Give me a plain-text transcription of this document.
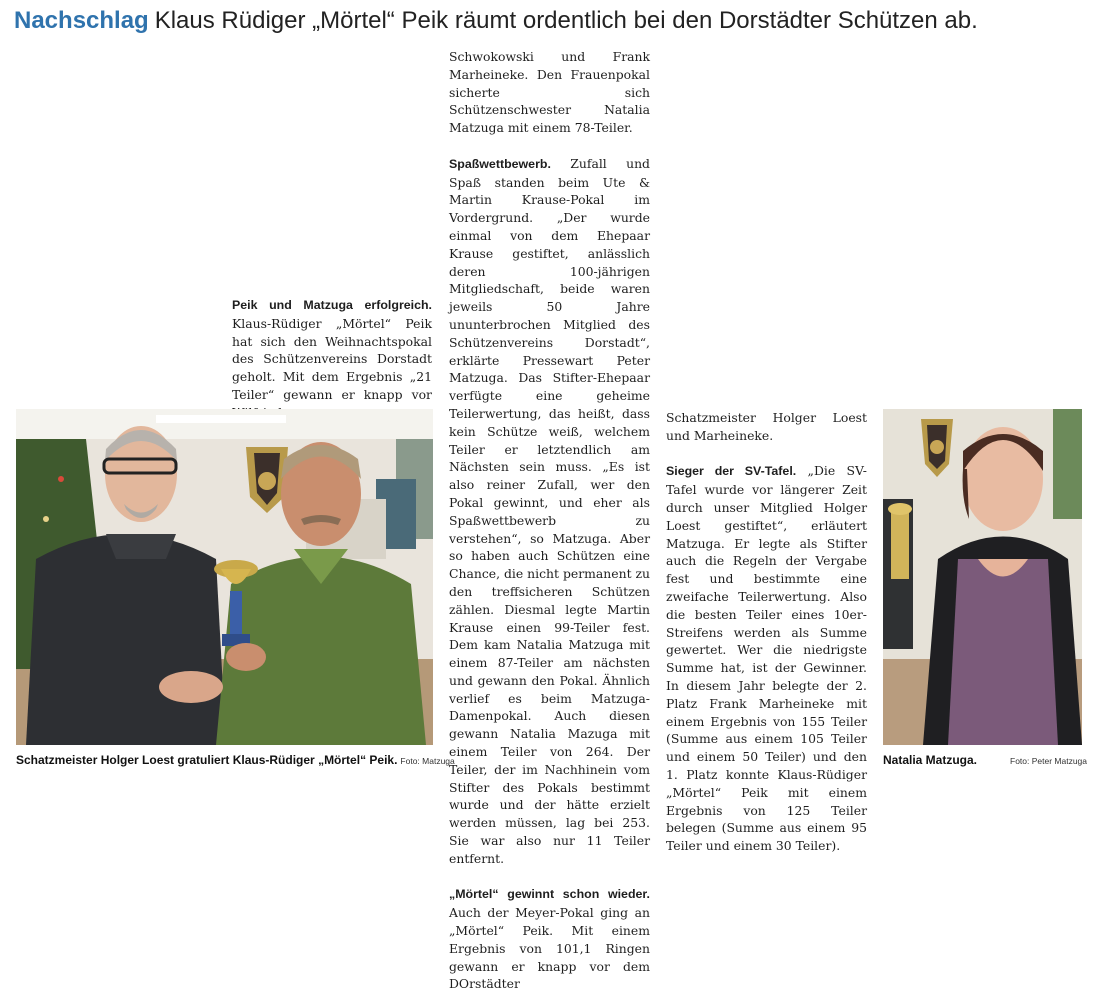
Nachschlag Klaus Rüdiger „Mörtel“ Peik räumt ordentlich bei den Dorstädter Schützen ab.

Peik und Matzuga erfolgreich. Klaus-Rüdiger „Mörtel“ Peik hat sich den Weihnachtspokal des Schützenvereins Dorstadt geholt. Mit dem Ergebnis „21 Teiler“ gewann er knapp vor

Schwokowski und Frank Marheineke. Den Frauenpokal sicherte sich Schützenschwester Natalia Matzuga mit einem 78-Teiler.

Spaßwettbewerb. Zufall und Spaß standen beim Ute & Martin Krause-Pokal im Vordergrund. „Der wurde einmal von dem Ehepaar Krause gestiftet, anlässlich deren 100-jährigen Mitgliedschaft, beide waren jeweils 50 Jahre ununterbrochen Mitglied des Schützenvereins Dorstadt“, erklärte Pressewart Peter Matzuga. Das Stifter-Ehepaar verfügte eine geheime Teilerwertung, das heißt, dass kein Schütze weiß, welchem Teiler er letztendlich am Nächsten sein muss. „Es ist also reiner Zufall, wer den Pokal gewinnt, und eher als Spaßwettbewerb zu verstehen“, so Matzuga. Aber so haben auch Schützen eine Chance, die nicht permanent zu den treffsicheren Schützen zählen. Diesmal legte Martin Krause einen 99-Teiler fest. Dem kam Natalia Matzuga mit einem 87-Teiler am nächsten und gewann den Pokal. Ähnlich verlief es beim Matzuga-Damenpokal. Auch diesen gewann Natalia Mazuga mit einem Teiler von 264. Der Teiler, der im Nachhinein vom Stifter des Pokals bestimmt wurde und der hätte erzielt werden müssen, lag bei 253. Sie war also nur 11 Teiler entfernt.

„Mörtel“ gewinnt schon wieder. Auch der Meyer-Pokal ging an „Mörtel“ Peik. Mit einem Ergebnis von 101,1 Ringen gewann er knapp vor dem DOrstädter

Schatzmeister Holger Loest und Marheineke.

Sieger der SV-Tafel. „Die SV-Tafel wurde vor längerer Zeit durch unser Mitglied Holger Loest gestiftet“, erläutert Matzuga. Er legte als Stifter auch die Regeln der Vergabe fest und bestimmte eine zweifache Teilerwertung. Also die besten Teiler eines 10er-Streifens werden als Summe gewertet. Wer die niedrigste Summe hat, ist der Gewinner. In diesem Jahr belegte der 2. Platz Frank Marheineke mit einem Ergebnis von 155 Teiler (Summe aus einem 105 Teiler und einem 50 Teiler) und den 1. Platz konnte Klaus-Rüdiger „Mörtel“ Peik mit einem Ergebnis von 125 Teiler belegen (Summe aus einem 95 Teiler und einem 30 Teiler).

Schatzmeister Holger Loest gratuliert Klaus-Rüdiger „Mörtel“ Peik. Foto: Matzuga	Natalia Matzuga.	Foto: Peter Matzuga
